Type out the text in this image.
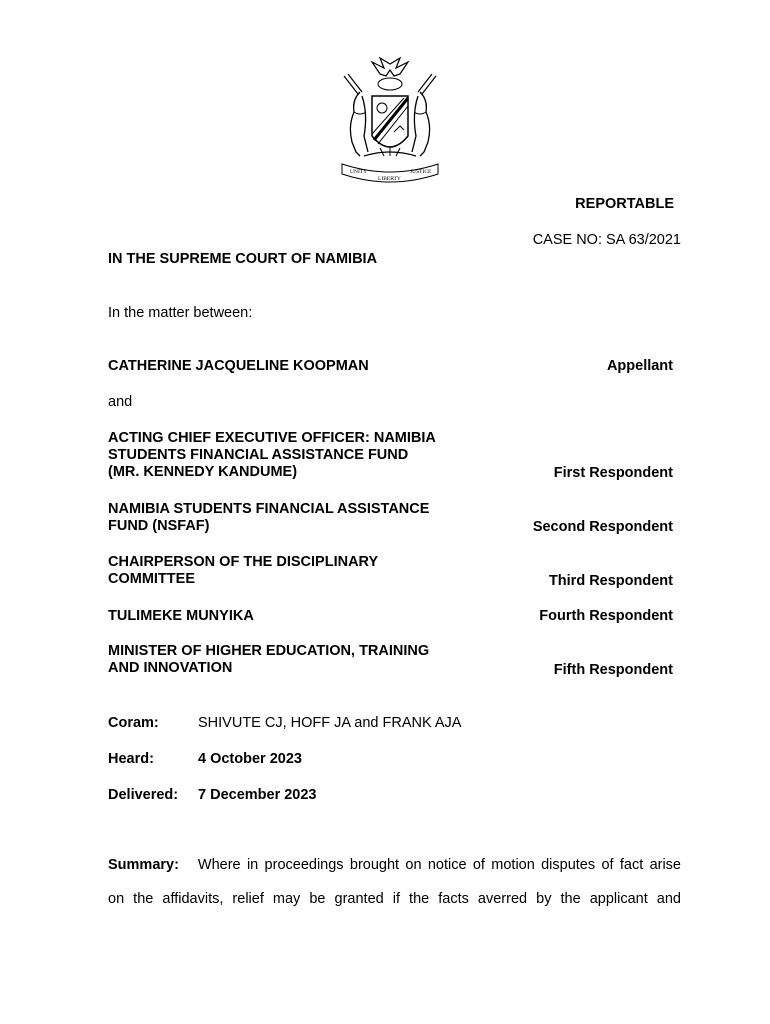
UNITY
LIBERTY
JUSTICE
REPORTABLE
CASE NO: SA 63/2021
IN THE SUPREME COURT OF NAMIBIA
In the matter between:
CATHERINE JACQUELINE KOOPMAN	Appellant
and
ACTING CHIEF EXECUTIVE OFFICER: NAMIBIA
STUDENTS FINANCIAL ASSISTANCE FUND
(MR. KENNEDY KANDUME)	First Respondent
NAMIBIA STUDENTS FINANCIAL ASSISTANCE
FUND (NSFAF)	Second Respondent
CHAIRPERSON OF THE DISCIPLINARY
COMMITTEE	Third Respondent
TULIMEKE MUNYIKA	Fourth Respondent
MINISTER OF HIGHER EDUCATION, TRAINING
AND INNOVATION	Fifth Respondent
Coram:	SHIVUTE CJ, HOFF JA and FRANK AJA
Heard:	4 October 2023
Delivered: 7 December 2023
Summary: Where in proceedings brought on notice of motion disputes of fact arise
on the affidavits, relief may be granted if the facts averred by the applicant and
